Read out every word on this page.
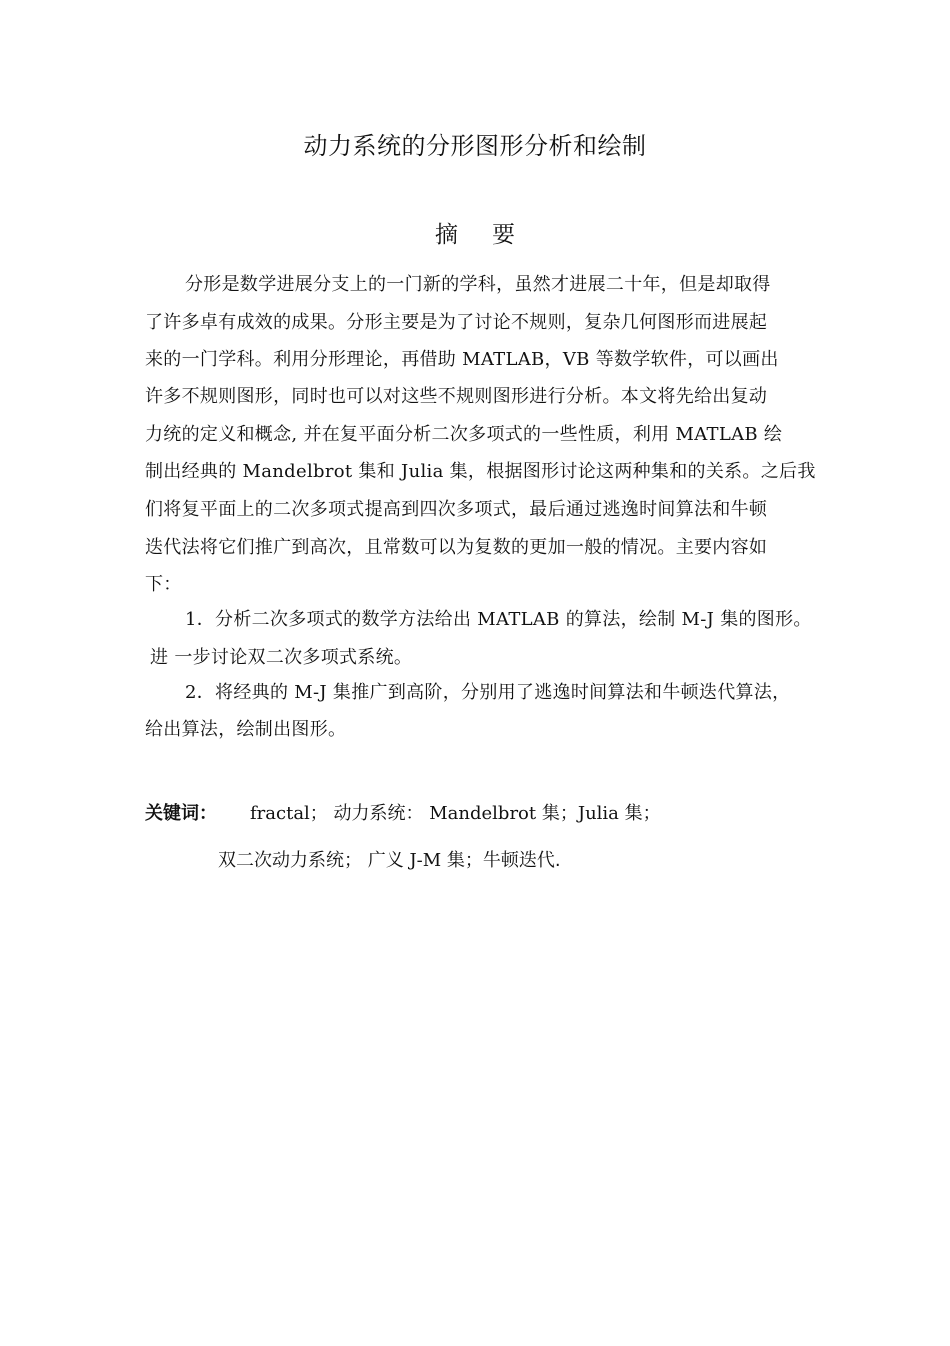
动力系统的分形图形分析和绘制
摘要
分形是数学进展分支上的一门新的学科，虽然才进展二十年，但是却取得
了许多卓有成效的成果。分形主要是为了讨论不规则，复杂几何图形而进展起
来的一门学科。利用分形理论，再借助 MATLAB，VB 等数学软件，可以画出
许多不规则图形，同时也可以对这些不规则图形进行分析。本文将先给出复动
力统的定义和概念, 并在复平面分析二次多项式的一些性质，利用 MATLAB 绘
制出经典的 Mandelbrot 集和 Julia 集，根据图形讨论这两种集和的关系。之后我
们将复平面上的二次多项式提高到四次多项式，最后通过逃逸时间算法和牛顿
迭代法将它们推广到高次，且常数可以为复数的更加一般的情况。主要内容如
下：
1．分析二次多项式的数学方法给出 MATLAB 的算法，绘制 M-J 集的图形。
进 一步讨论双二次多项式系统。
2．将经典的 M-J 集推广到高阶，分别用了逃逸时间算法和牛顿迭代算法，
给出算法，绘制出图形。
关键词： fractal； 动力系统： Mandelbrot 集；Julia 集；
双二次动力系统； 广义 J-M 集；牛顿迭代.
